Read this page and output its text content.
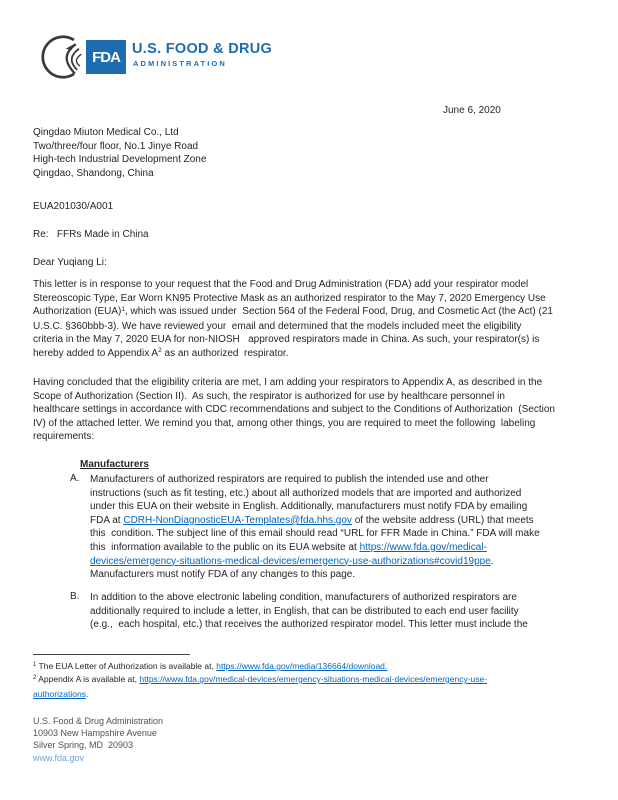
FDA U.S. FOOD & DRUG
ADMINISTRATION
June 6, 2020
Qingdao Miuton Medical Co., Ltd
Two/three/four floor, No.1 Jinye Road
High-tech Industrial Development Zone
Qingdao, Shandong, China
EUA201030/A001
Re:   FFRs Made in China
Dear Yuqiang Li:
This letter is in response to your request that the Food and Drug Administration (FDA) add your respirator model
Stereoscopic Type, Ear Worn KN95 Protective Mask as an authorized respirator to the May 7, 2020 Emergency Use
Authorization (EUA)$^1$, which was issued under  Section 564 of the Federal Food, Drug, and Cosmetic Act (the Act) (21
U.S.C. §360bbb-3). We have reviewed your  email and determined that the models included meet the eligibility
criteria in the May 7, 2020 EUA for non-NIOSH   approved respirators made in China. As such, your respirator(s) is
hereby added to Appendix $A^2$ as an authorized  respirator.
Having concluded that the eligibility criteria are met, I am adding your respirators to Appendix A, as described in the
Scope of Authorization (Section II).  As such, the respirator is authorized for use by healthcare personnel in
healthcare settings in accordance with CDC recommendations and subject to the Conditions of Authorization  (Section
IV) of the attached letter. We remind you that, among other things, you are required to meet the following  labeling
requirements:
Manufacturers
A. Manufacturers of authorized respirators are required to publish the intended use and other
instructions (such as fit testing, etc.) about all authorized models that are imported and authorized
under this EUA on their website in English. Additionally, manufacturers must notify FDA by emailing
FDA at CDRH-NonDiagnosticEUA-Templates@fda.hhs.gov of the website address (URL) that meets
this  condition. The subject line of this email should read “URL for FFR Made in China.” FDA will make
this  information available to the public on its EUA website at https://www.fda.gov/medical-
devices/emergency-situations-medical-devices/emergency-use-authorizations#covid19ppe.
Manufacturers must notify FDA of any changes to this page.
B. In addition to the above electronic labeling condition, manufacturers of authorized respirators are
additionally required to include a letter, in English, that can be distributed to each end user facility
(e.g.,  each hospital, etc.) that receives the authorized respirator model. This letter must include the
$^1$ The EUA Letter of Authorization is available at, https://www.fda.gov/media/136664/download.
$^2$ Appendix A is available at, https://www.fda.gov/medical-devices/emergency-situations-medical-devices/emergency-use-
authorizations.
U.S. Food & Drug Administration
10903 New Hampshire Avenue
Silver Spring, MD  20903
www.fda.gov
